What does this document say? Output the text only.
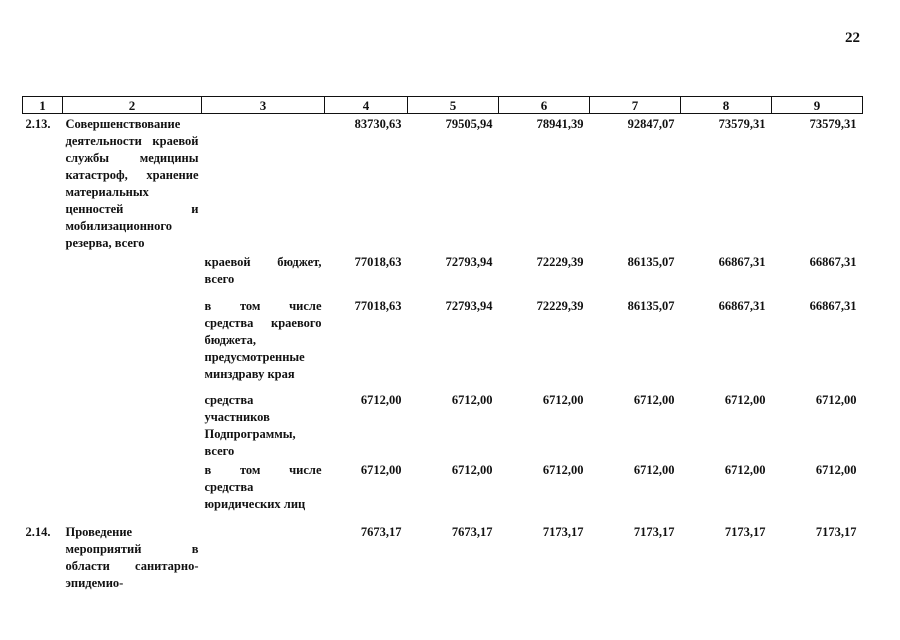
22
1	2	3	4	5	6	7	8	9
2.13.	Совершенствование деятельности краевой службы медицины катастроф, хранение материальных ценностей и мобилизационного резерва, всего		83730,63	79505,94	78941,39	92847,07	73579,31	73579,31
		краевой бюджет, всего	77018,63	72793,94	72229,39	86135,07	66867,31	66867,31
		в том числе средства краевого бюджета, предусмотренные минздраву края	77018,63	72793,94	72229,39	86135,07	66867,31	66867,31
		средства участников Подпрограммы, всего	6712,00	6712,00	6712,00	6712,00	6712,00	6712,00
		в том числе средства юридических лиц	6712,00	6712,00	6712,00	6712,00	6712,00	6712,00
2.14.	Проведение мероприятий в области санитарно-эпидемио-		7673,17	7673,17	7173,17	7173,17	7173,17	7173,17
